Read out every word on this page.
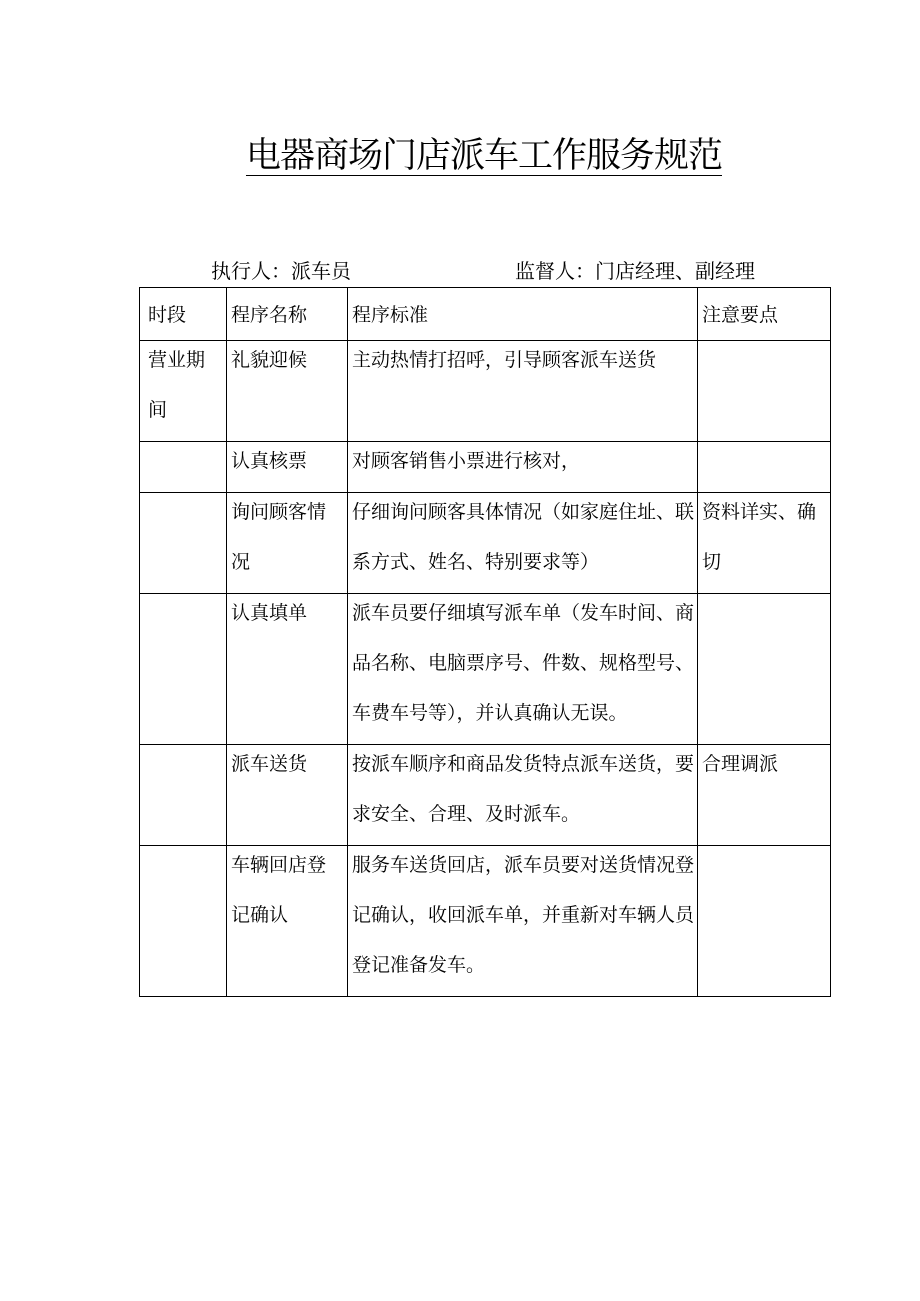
电器商场门店派车工作服务规范
执行人：派车员	监督人：门店经理、副经理
时段	程序名称	程序标准	注意要点

营业期间	礼貌迎候	主动热情打招呼，引导顾客派车送货	

	认真核票	对顾客销售小票进行核对，	

	询问顾客情况	仔细询问顾客具体情况（如家庭住址、联系方式、姓名、特别要求等）	资料详实、确切

	认真填单	派车员要仔细填写派车单（发车时间、商品名称、电脑票序号、件数、规格型号、车费车号等），并认真确认无误。	

	派车送货	按派车顺序和商品发货特点派车送货，要求安全、合理、及时派车。	合理调派

	车辆回店登记确认	服务车送货回店，派车员要对送货情况登记确认，收回派车单，并重新对车辆人员登记准备发车。	
